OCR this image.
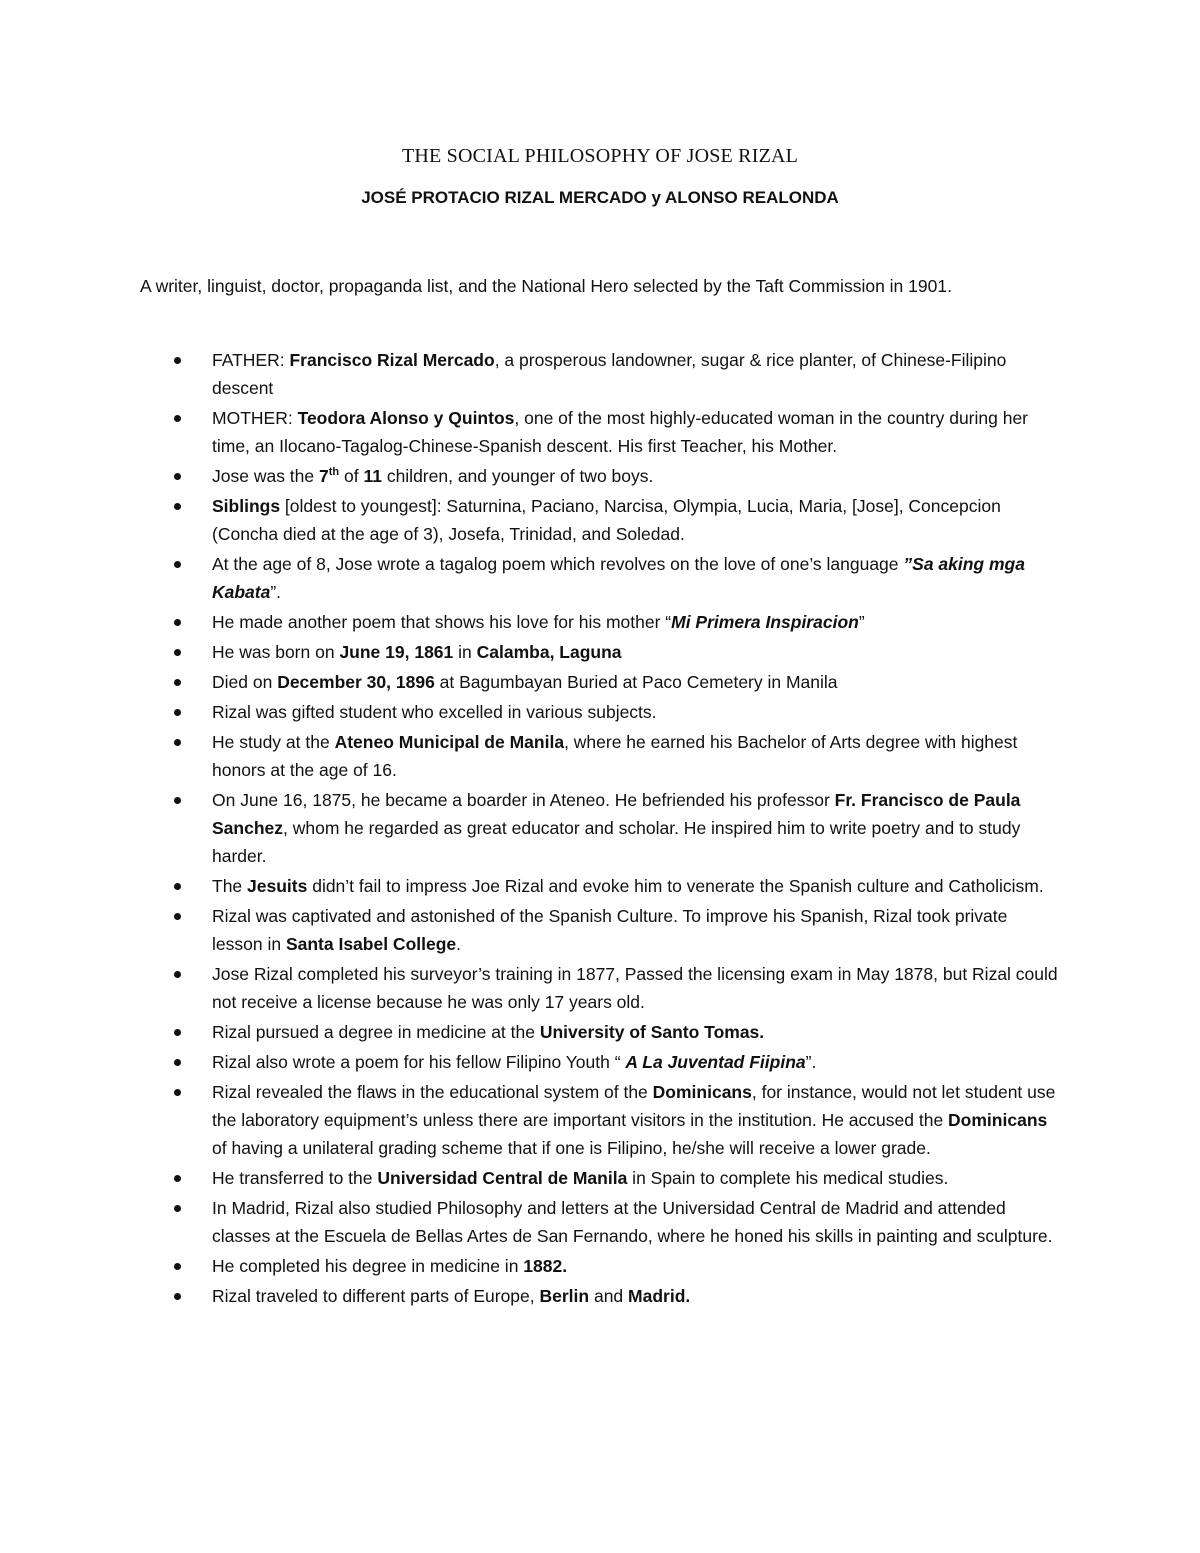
THE SOCIAL PHILOSOPHY OF JOSE RIZAL
JOSÉ PROTACIO RIZAL MERCADO y ALONSO REALONDA

A writer, linguist, doctor, propaganda list, and the National Hero selected by the Taft Commission in 1901.

FATHER: Francisco Rizal Mercado, a prosperous landowner, sugar & rice planter, of Chinese-Filipino descent
MOTHER: Teodora Alonso y Quintos, one of the most highly-educated woman in the country during her time, an Ilocano-Tagalog-Chinese-Spanish descent. His first Teacher, his Mother.
Jose was the 7th of 11 children, and younger of two boys.
Siblings [oldest to youngest]: Saturnina, Paciano, Narcisa, Olympia, Lucia, Maria, [Jose], Concepcion (Concha died at the age of 3), Josefa, Trinidad, and Soledad.
At the age of 8, Jose wrote a tagalog poem which revolves on the love of one’s language ”Sa aking mga Kabata”.
He made another poem that shows his love for his mother “Mi Primera Inspiracion”
He was born on June 19, 1861 in Calamba, Laguna
Died on December 30, 1896 at Bagumbayan Buried at Paco Cemetery in Manila
Rizal was gifted student who excelled in various subjects.
He study at the Ateneo Municipal de Manila, where he earned his Bachelor of Arts degree with highest honors at the age of 16.
On June 16, 1875, he became a boarder in Ateneo. He befriended his professor Fr. Francisco de Paula Sanchez, whom he regarded as great educator and scholar. He inspired him to write poetry and to study harder.
The Jesuits didn’t fail to impress Joe Rizal and evoke him to venerate the Spanish culture and Catholicism.
Rizal was captivated and astonished of the Spanish Culture. To improve his Spanish, Rizal took private lesson in Santa Isabel College.
Jose Rizal completed his surveyor’s training in 1877, Passed the licensing exam in May 1878, but Rizal could not receive a license because he was only 17 years old.
Rizal pursued a degree in medicine at the University of Santo Tomas.
Rizal also wrote a poem for his fellow Filipino Youth “ A La Juventad Fiipina”.
Rizal revealed the flaws in the educational system of the Dominicans, for instance, would not let student use the laboratory equipment’s unless there are important visitors in the institution. He accused the Dominicans of having a unilateral grading scheme that if one is Filipino, he/she will receive a lower grade.
He transferred to the Universidad Central de Manila in Spain to complete his medical studies.
In Madrid, Rizal also studied Philosophy and letters at the Universidad Central de Madrid and attended classes at the Escuela de Bellas Artes de San Fernando, where he honed his skills in painting and sculpture.
He completed his degree in medicine in 1882.
Rizal traveled to different parts of Europe, Berlin and Madrid.
